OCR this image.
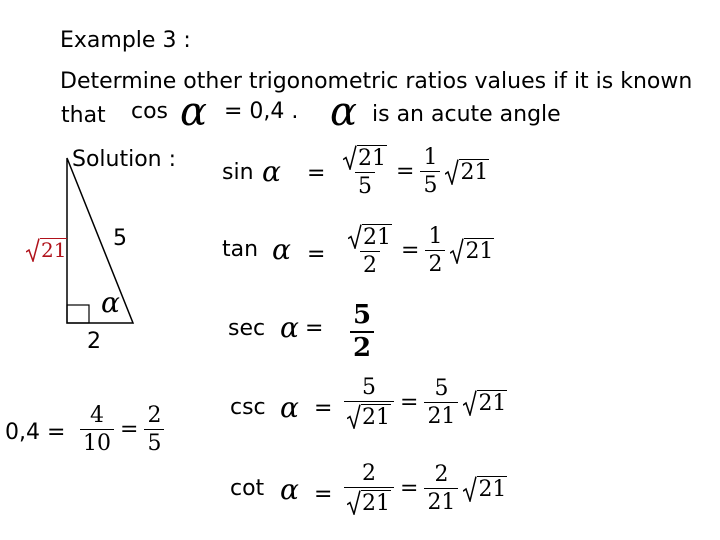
Example 3 :
Determine other trigonometric ratios values if it is known
that cos α = 0,4 . α is an acute angle
Solution :
5
2
α
21
$0,4 = \frac{4}{10} = \frac{2}{5}$
$\sin \alpha = \frac{21}{5} = \frac{1}{5} 21$
$\tan \alpha = \frac{21}{2} = \frac{1}{2} 21$
$\sec \alpha = \frac{5}{2}$
$\csc \alpha = \frac{5}{21} = \frac{5}{21} 21$
$\cot \alpha = \frac{2}{21} = \frac{2}{21} 21$
